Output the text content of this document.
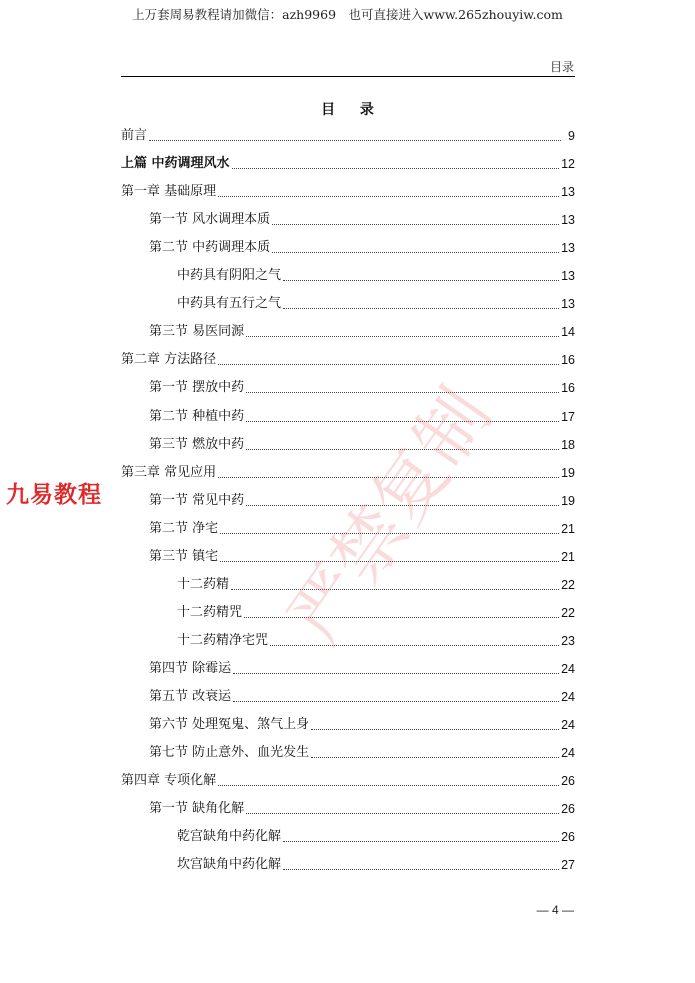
上万套周易教程请加微信：azh9969　也可直接进入www.265zhouyiw.com
目录
目 录
前言	9
上篇 中药调理风水	12
第一章 基础原理	13
第一节 风水调理本质	13
第二节 中药调理本质	13
中药具有阴阳之气	13
中药具有五行之气	13
第三节 易医同源	14
第二章 方法路径	16
第一节 摆放中药	16
第二节 种植中药	17
第三节 燃放中药	18
第三章 常见应用	19
第一节 常见中药	19
第二节 净宅	21
第三节 镇宅	21
十二药精	22
十二药精咒	22
十二药精净宅咒	23
第四节 除霉运	24
第五节 改衰运	24
第六节 处理冤鬼、煞气上身	24
第七节 防止意外、血光发生	24
第四章 专项化解	26
第一节 缺角化解	26
乾宫缺角中药化解	26
坎宫缺角中药化解	27
— 4 —
九易教程	严禁复制
